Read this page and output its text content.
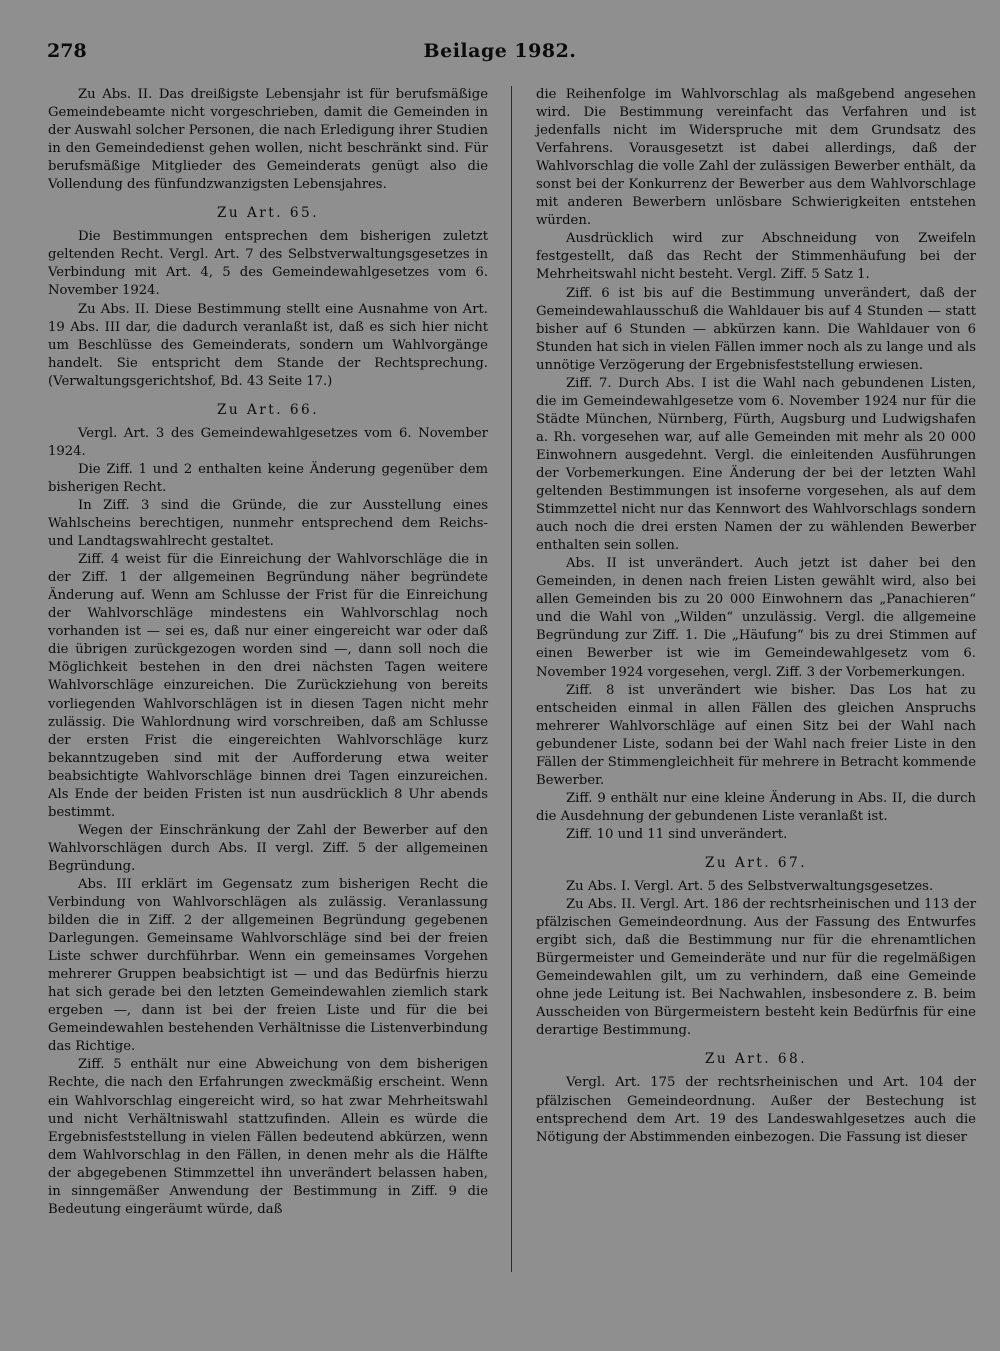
278	Beilage 1982.

Zu Abs. II. Das dreißigste Lebensjahr ist für berufsmäßige Gemeindebeamte nicht vorgeschrieben, damit die Gemeinden in der Auswahl solcher Personen, die nach Erledigung ihrer Studien in den Gemeindedienst gehen wollen, nicht beschränkt sind. Für berufsmäßige Mitglieder des Gemeinderats genügt also die Vollendung des fünfundzwanzigsten Lebensjahres.

Zu Art. 65.

Die Bestimmungen entsprechen dem bisherigen zuletzt geltenden Recht. Vergl. Art. 7 des Selbstverwaltungsgesetzes in Verbindung mit Art. 4, 5 des Gemeindewahlgesetzes vom 6. November 1924.

Zu Abs. II. Diese Bestimmung stellt eine Ausnahme von Art. 19 Abs. III dar, die dadurch veranlaßt ist, daß es sich hier nicht um Beschlüsse des Gemeinderats, sondern um Wahlvorgänge handelt. Sie entspricht dem Stande der Rechtsprechung. (Verwaltungsgerichtshof, Bd. 43 Seite 17.)

Zu Art. 66.

Vergl. Art. 3 des Gemeindewahlgesetzes vom 6. November 1924.

Die Ziff. 1 und 2 enthalten keine Änderung gegenüber dem bisherigen Recht.

In Ziff. 3 sind die Gründe, die zur Ausstellung eines Wahlscheins berechtigen, nunmehr entsprechend dem Reichs- und Landtagswahlrecht gestaltet.

Ziff. 4 weist für die Einreichung der Wahlvorschläge die in der Ziff. 1 der allgemeinen Begründung näher begründete Änderung auf. Wenn am Schlusse der Frist für die Einreichung der Wahlvorschläge mindestens ein Wahlvorschlag noch vorhanden ist — sei es, daß nur einer eingereicht war oder daß die übrigen zurückgezogen worden sind —, dann soll noch die Möglichkeit bestehen in den drei nächsten Tagen weitere Wahlvorschläge einzureichen. Die Zurückziehung von bereits vorliegenden Wahlvorschlägen ist in diesen Tagen nicht mehr zulässig. Die Wahlordnung wird vorschreiben, daß am Schlusse der ersten Frist die eingereichten Wahlvorschläge kurz bekanntzugeben sind mit der Aufforderung etwa weiter beabsichtigte Wahlvorschläge binnen drei Tagen einzureichen. Als Ende der beiden Fristen ist nun ausdrücklich 8 Uhr abends bestimmt.

Wegen der Einschränkung der Zahl der Bewerber auf den Wahlvorschlägen durch Abs. II vergl. Ziff. 5 der allgemeinen Begründung.

Abs. III erklärt im Gegensatz zum bisherigen Recht die Verbindung von Wahlvorschlägen als zulässig. Veranlassung bilden die in Ziff. 2 der allgemeinen Begründung gegebenen Darlegungen. Gemeinsame Wahlvorschläge sind bei der freien Liste schwer durchführbar. Wenn ein gemeinsames Vorgehen mehrerer Gruppen beabsichtigt ist — und das Bedürfnis hierzu hat sich gerade bei den letzten Gemeindewahlen ziemlich stark ergeben —, dann ist bei der freien Liste und für die bei Gemeindewahlen bestehenden Verhältnisse die Listenverbindung das Richtige.

Ziff. 5 enthält nur eine Abweichung von dem bisherigen Rechte, die nach den Erfahrungen zweckmäßig erscheint. Wenn ein Wahlvorschlag eingereicht wird, so hat zwar Mehrheitswahl und nicht Verhältniswahl stattzufinden. Allein es würde die Ergebnisfeststellung in vielen Fällen bedeutend abkürzen, wenn dem Wahlvorschlag in den Fällen, in denen mehr als die Hälfte der abgegebenen Stimmzettel ihn unverändert belassen haben, in sinngemäßer Anwendung der Bestimmung in Ziff. 9 die Bedeutung eingeräumt würde, daß

die Reihenfolge im Wahlvorschlag als maßgebend angesehen wird. Die Bestimmung vereinfacht das Verfahren und ist jedenfalls nicht im Widerspruche mit dem Grundsatz des Verfahrens. Vorausgesetzt ist dabei allerdings, daß der Wahlvorschlag die volle Zahl der zulässigen Bewerber enthält, da sonst bei der Konkurrenz der Bewerber aus dem Wahlvorschlage mit anderen Bewerbern unlösbare Schwierigkeiten entstehen würden.

Ausdrücklich wird zur Abschneidung von Zweifeln festgestellt, daß das Recht der Stimmenhäufung bei der Mehrheitswahl nicht besteht. Vergl. Ziff. 5 Satz 1.

Ziff. 6 ist bis auf die Bestimmung unverändert, daß der Gemeindewahlausschuß die Wahldauer bis auf 4 Stunden — statt bisher auf 6 Stunden — abkürzen kann. Die Wahldauer von 6 Stunden hat sich in vielen Fällen immer noch als zu lange und als unnötige Verzögerung der Ergebnisfeststellung erwiesen.

Ziff. 7. Durch Abs. I ist die Wahl nach gebundenen Listen, die im Gemeindewahlgesetze vom 6. November 1924 nur für die Städte München, Nürnberg, Fürth, Augsburg und Ludwigshafen a. Rh. vorgesehen war, auf alle Gemeinden mit mehr als 20 000 Einwohnern ausgedehnt. Vergl. die einleitenden Ausführungen der Vorbemerkungen. Eine Änderung der bei der letzten Wahl geltenden Bestimmungen ist insoferne vorgesehen, als auf dem Stimmzettel nicht nur das Kennwort des Wahlvorschlags sondern auch noch die drei ersten Namen der zu wählenden Bewerber enthalten sein sollen.

Abs. II ist unverändert. Auch jetzt ist daher bei den Gemeinden, in denen nach freien Listen gewählt wird, also bei allen Gemeinden bis zu 20 000 Einwohnern das „Panachieren“ und die Wahl von „Wilden“ unzulässig. Vergl. die allgemeine Begründung zur Ziff. 1. Die „Häufung“ bis zu drei Stimmen auf einen Bewerber ist wie im Gemeindewahlgesetz vom 6. November 1924 vorgesehen, vergl. Ziff. 3 der Vorbemerkungen.

Ziff. 8 ist unverändert wie bisher. Das Los hat zu entscheiden einmal in allen Fällen des gleichen Anspruchs mehrerer Wahlvorschläge auf einen Sitz bei der Wahl nach gebundener Liste, sodann bei der Wahl nach freier Liste in den Fällen der Stimmengleichheit für mehrere in Betracht kommende Bewerber.

Ziff. 9 enthält nur eine kleine Änderung in Abs. II, die durch die Ausdehnung der gebundenen Liste veranlaßt ist.

Ziff. 10 und 11 sind unverändert.

Zu Art. 67.

Zu Abs. I. Vergl. Art. 5 des Selbstverwaltungsgesetzes.

Zu Abs. II. Vergl. Art. 186 der rechtsrheinischen und 113 der pfälzischen Gemeindeordnung. Aus der Fassung des Entwurfes ergibt sich, daß die Bestimmung nur für die ehrenamtlichen Bürgermeister und Gemeinderäte und nur für die regelmäßigen Gemeindewahlen gilt, um zu verhindern, daß eine Gemeinde ohne jede Leitung ist. Bei Nachwahlen, insbesondere z. B. beim Ausscheiden von Bürgermeistern besteht kein Bedürfnis für eine derartige Bestimmung.

Zu Art. 68.

Vergl. Art. 175 der rechtsrheinischen und Art. 104 der pfälzischen Gemeindeordnung. Außer der Bestechung ist entsprechend dem Art. 19 des Landeswahlgesetzes auch die Nötigung der Abstimmenden einbezogen. Die Fassung ist dieser
